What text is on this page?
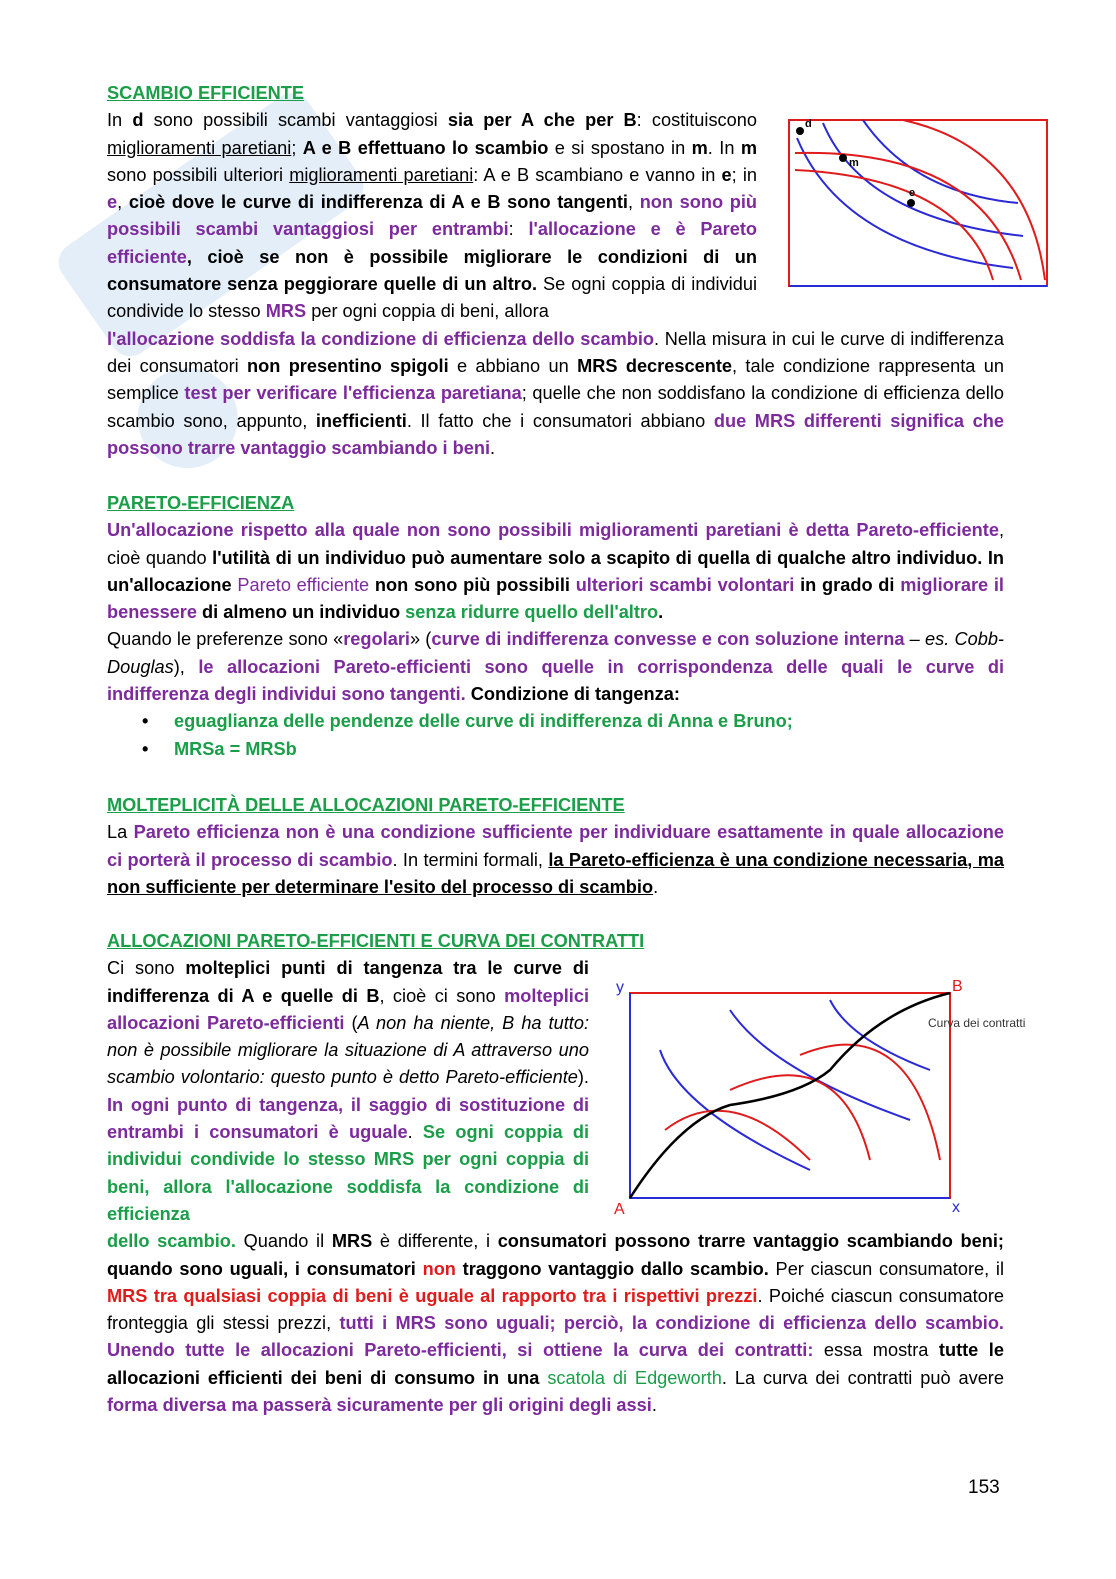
SCAMBIO EFFICIENTE
In d sono possibili scambi vantaggiosi sia per A che per B: costituiscono miglioramenti paretiani; A e B effettuano lo scambio e si spostano in m. In m sono possibili ulteriori miglioramenti paretiani: A e B scambiano e vanno in e; in e, cioè dove le curve di indifferenza di A e B sono tangenti, non sono più possibili scambi vantaggiosi per entrambi: l'allocazione e è Pareto efficiente, cioè se non è possibile migliorare le condizioni di un consumatore senza peggiorare quelle di un altro. Se ogni coppia di individui condivide lo stesso MRS per ogni coppia di beni, allora
l'allocazione soddisfa la condizione di efficienza dello scambio. Nella misura in cui le curve di indifferenza dei consumatori non presentino spigoli e abbiano un MRS decrescente, tale condizione rappresenta un semplice test per verificare l'efficienza paretiana; quelle che non soddisfano la condizione di efficienza dello scambio sono, appunto, inefficienti. Il fatto che i consumatori abbiano due MRS differenti significa che possono trarre vantaggio scambiando i beni.
d
m
e
PARETO-EFFICIENZA
Un'allocazione rispetto alla quale non sono possibili miglioramenti paretiani è detta Pareto-efficiente, cioè quando l'utilità di un individuo può aumentare solo a scapito di quella di qualche altro individuo. In un'allocazione Pareto efficiente non sono più possibili ulteriori scambi volontari in grado di migliorare il benessere di almeno un individuo senza ridurre quello dell'altro.
Quando le preferenze sono «regolari» (curve di indifferenza convesse e con soluzione interna – es. Cobb-Douglas), le allocazioni Pareto-efficienti sono quelle in corrispondenza delle quali le curve di indifferenza degli individui sono tangenti. Condizione di tangenza:
• eguaglianza delle pendenze delle curve di indifferenza di Anna e Bruno;
• MRSa = MRSb
MOLTEPLICITÀ DELLE ALLOCAZIONI PARETO-EFFICIENTE
La Pareto efficienza non è una condizione sufficiente per individuare esattamente in quale allocazione ci porterà il processo di scambio. In termini formali, la Pareto-efficienza è una condizione necessaria, ma non sufficiente per determinare l'esito del processo di scambio.
ALLOCAZIONI PARETO-EFFICIENTI E CURVA DEI CONTRATTI
Ci sono molteplici punti di tangenza tra le curve di indifferenza di A e quelle di B, cioè ci sono molteplici allocazioni Pareto-efficienti (A non ha niente, B ha tutto: non è possibile migliorare la situazione di A attraverso uno scambio volontario: questo punto è detto Pareto-efficiente). In ogni punto di tangenza, il saggio di sostituzione di entrambi i consumatori è uguale. Se ogni coppia di individui condivide lo stesso MRS per ogni coppia di beni, allora l'allocazione soddisfa la condizione di efficienza
dello scambio. Quando il MRS è differente, i consumatori possono trarre vantaggio scambiando beni; quando sono uguali, i consumatori non traggono vantaggio dallo scambio. Per ciascun consumatore, il MRS tra qualsiasi coppia di beni è uguale al rapporto tra i rispettivi prezzi. Poiché ciascun consumatore fronteggia gli stessi prezzi, tutti i MRS sono uguali; perciò, la condizione di efficienza dello scambio. Unendo tutte le allocazioni Pareto-efficienti, si ottiene la curva dei contratti: essa mostra tutte le allocazioni efficienti dei beni di consumo in una scatola di Edgeworth. La curva dei contratti può avere forma diversa ma passerà sicuramente per gli origini degli assi.
y	B
A	x
Curva dei contratti
153
